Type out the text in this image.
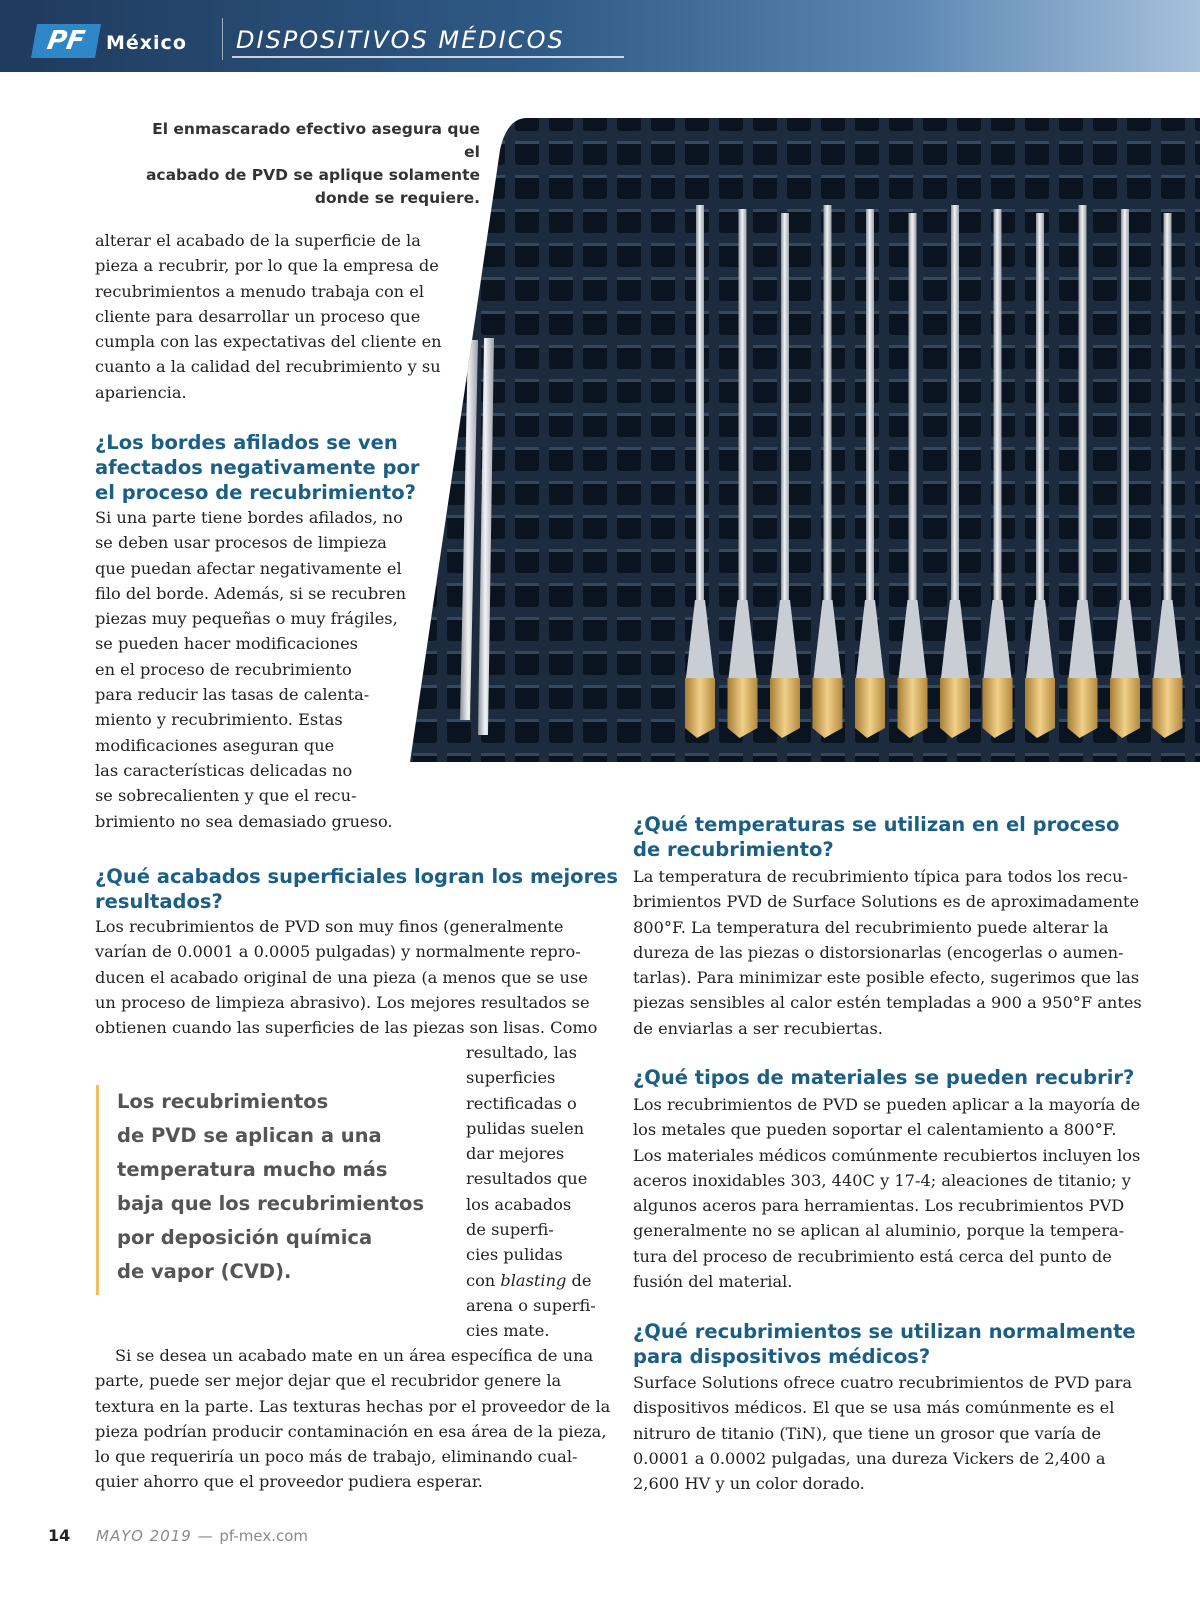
PF México DISPOSITIVOS MÉDICOS
El enmascarado efectivo asegura que el
acabado de PVD se aplique solamente
donde se requiere.
alterar el acabado de la superficie de la
pieza a recubrir, por lo que la empresa de
recubrimientos a menudo trabaja con el
cliente para desarrollar un proceso que
cumpla con las expectativas del cliente en
cuanto a la calidad del recubrimiento y su
apariencia.
¿Los bordes afilados se ven
afectados negativamente por
el proceso de recubrimiento?
Si una parte tiene bordes afilados, no
se deben usar procesos de limpieza
que puedan afectar negativamente el
filo del borde. Además, si se recubren
piezas muy pequeñas o muy frágiles,
se pueden hacer modificaciones
en el proceso de recubrimiento
para reducir las tasas de calenta-
miento y recubrimiento. Estas
modificaciones aseguran que
las características delicadas no
se sobrecalienten y que el recu-
brimiento no sea demasiado grueso.
¿Qué acabados superficiales logran los mejores
resultados?
Los recubrimientos de PVD son muy finos (generalmente
varían de 0.0001 a 0.0005 pulgadas) y normalmente repro-
ducen el acabado original de una pieza (a menos que se use
un proceso de limpieza abrasivo). Los mejores resultados se
obtienen cuando las superficies de las piezas son lisas. Como
resultado, las
superficies
rectificadas o
pulidas suelen
dar mejores
resultados que
los acabados
de superfi-
cies pulidas
con blasting de
arena o superfi-
cies mate.
Los recubrimientos
de PVD se aplican a una
temperatura mucho más
baja que los recubrimientos
por deposición química
de vapor (CVD).
Si se desea un acabado mate en un área específica de una
parte, puede ser mejor dejar que el recubridor genere la
textura en la parte. Las texturas hechas por el proveedor de la
pieza podrían producir contaminación en esa área de la pieza,
lo que requeriría un poco más de trabajo, eliminando cual-
quier ahorro que el proveedor pudiera esperar.
¿Qué temperaturas se utilizan en el proceso
de recubrimiento?
La temperatura de recubrimiento típica para todos los recu-
brimientos PVD de Surface Solutions es de aproximadamente
800°F. La temperatura del recubrimiento puede alterar la
dureza de las piezas o distorsionarlas (encogerlas o aumen-
tarlas). Para minimizar este posible efecto, sugerimos que las
piezas sensibles al calor estén templadas a 900 a 950°F antes
de enviarlas a ser recubiertas.
¿Qué tipos de materiales se pueden recubrir?
Los recubrimientos de PVD se pueden aplicar a la mayoría de
los metales que pueden soportar el calentamiento a 800°F.
Los materiales médicos comúnmente recubiertos incluyen los
aceros inoxidables 303, 440C y 17-4; aleaciones de titanio; y
algunos aceros para herramientas. Los recubrimientos PVD
generalmente no se aplican al aluminio, porque la tempera-
tura del proceso de recubrimiento está cerca del punto de
fusión del material.
¿Qué recubrimientos se utilizan normalmente
para dispositivos médicos?
Surface Solutions ofrece cuatro recubrimientos de PVD para
dispositivos médicos. El que se usa más comúnmente es el
nitruro de titanio (TiN), que tiene un grosor que varía de
0.0001 a 0.0002 pulgadas, una dureza Vickers de 2,400 a
2,600 HV y un color dorado.
14 MAYO 2019 — pf-mex.com
